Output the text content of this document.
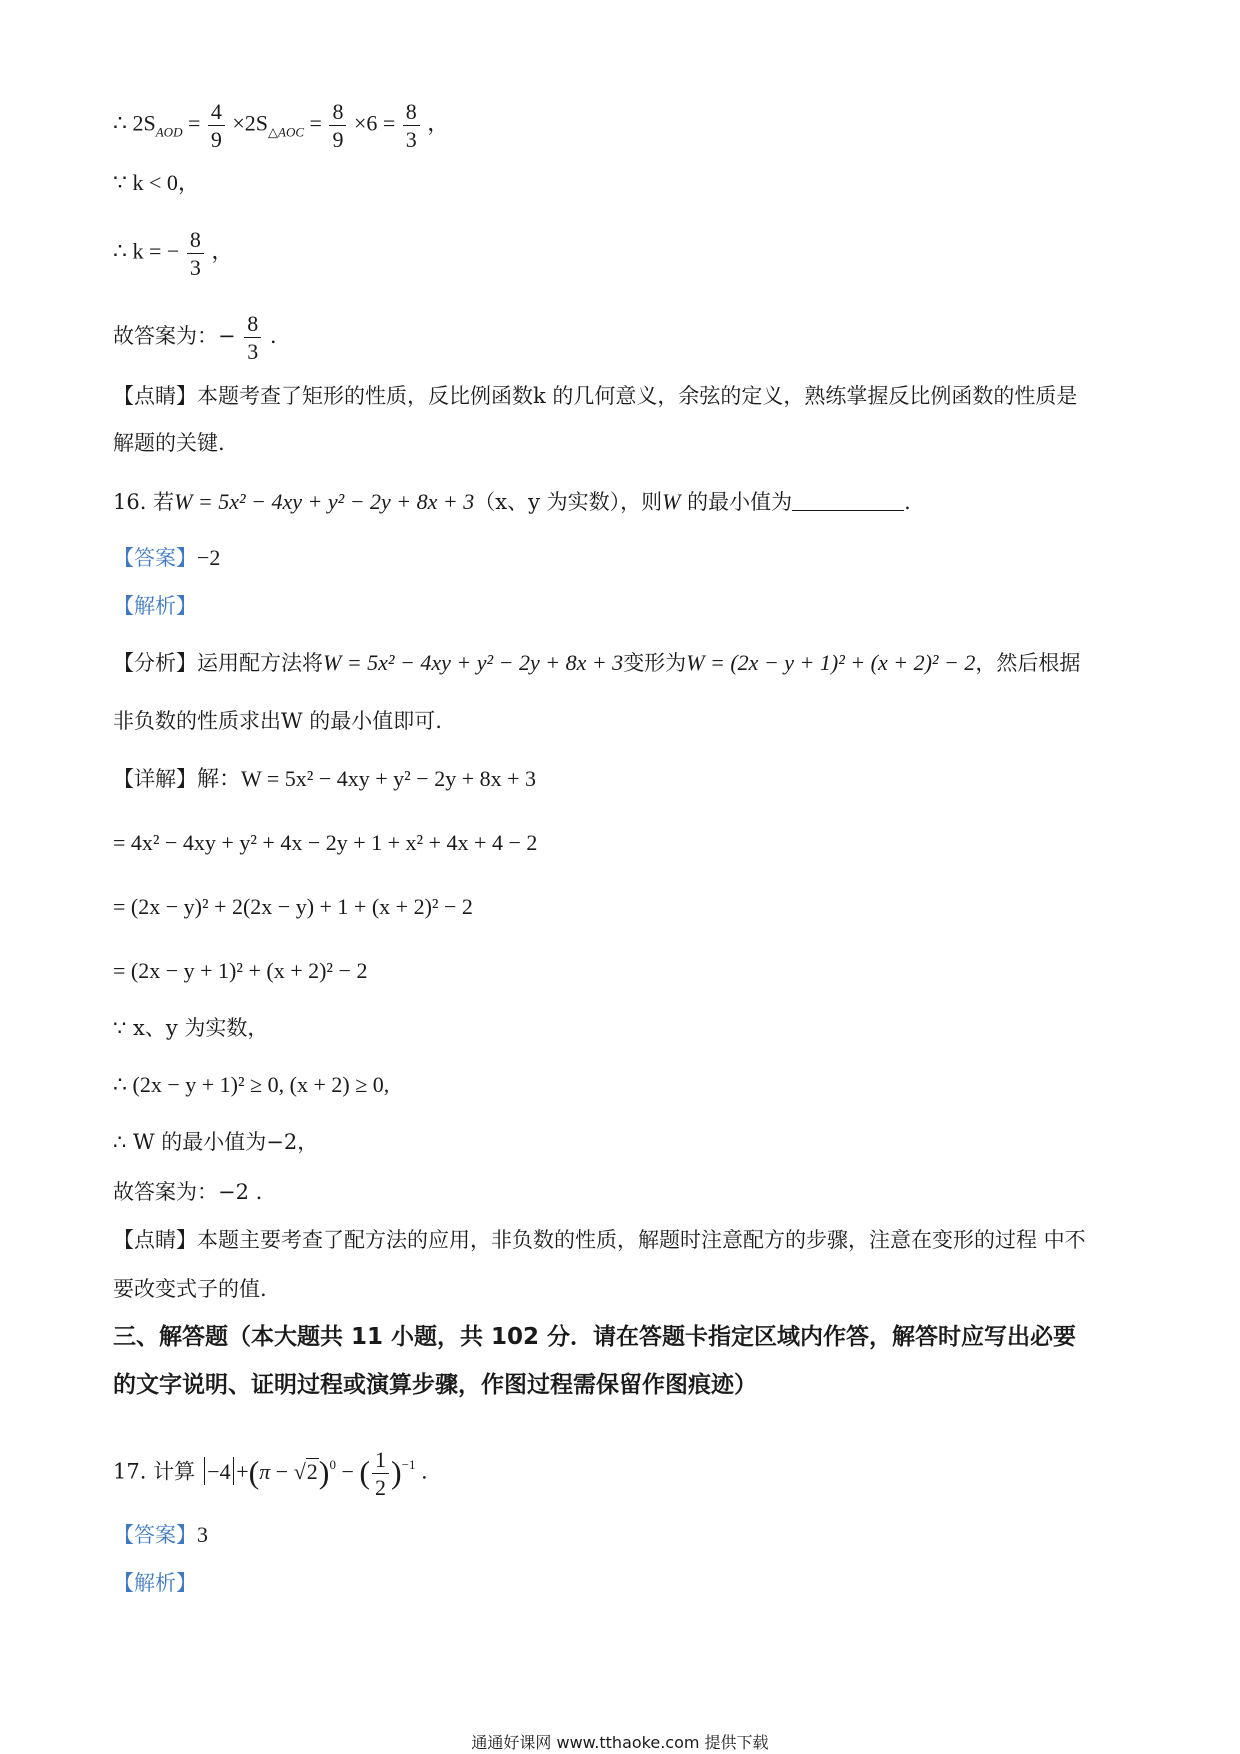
∴ $2S_{AOD} = \frac{4}{9} \times 2S_{\triangle AOC} = \frac{8}{9} \times 6 = \frac{8}{3}$ ，
∵ k < 0，
∴ k = − $\frac{8}{3}$ ，
故答案为：− $\frac{8}{3}$ ．
【点睛】本题考查了矩形的性质，反比例函数k 的几何意义，余弦的定义，熟练掌握反比例函数的性质是
解题的关键.
16. 若W = 5x² − 4xy + y² − 2y + 8x + 3（x、y 为实数），则W 的最小值为	.
【答案】−2
【解析】
【分析】运用配方法将W = 5x² − 4xy + y² − 2y + 8x + 3变形为W = (2x − y + 1)² + (x + 2)² − 2，然后根据
非负数的性质求出W 的最小值即可.
【详解】解：W = 5x² − 4xy + y² − 2y + 8x + 3
= 4x² − 4xy + y² + 4x − 2y + 1 + x² + 4x + 4 − 2
= (2x − y)² + 2(2x − y) + 1 + (x + 2)² − 2
= (2x − y + 1)² + (x + 2)² − 2
∵ x、y 为实数，
∴ (2x − y + 1)² ≥ 0, (x + 2) ≥ 0,
∴ W 的最小值为−2，
故答案为：−2 .
【点睛】本题主要考查了配方法的应用，非负数的性质，解题时注意配方的步骤，注意在变形的过程 中不
要改变式子的值.
三、解答题（本大题共 11 小题，共 102 分．请在答题卡指定区域内作答，解答时应写出必要
的文字说明、证明过程或演算步骤，作图过程需保留作图痕迹）
17. 计算 $-4 +(\pi - √2)^0$ − ( $\frac{1}{2} )^{-1}$ .
【答案】3
【解析】
通通好课网 www.tthaoke.com 提供下载
